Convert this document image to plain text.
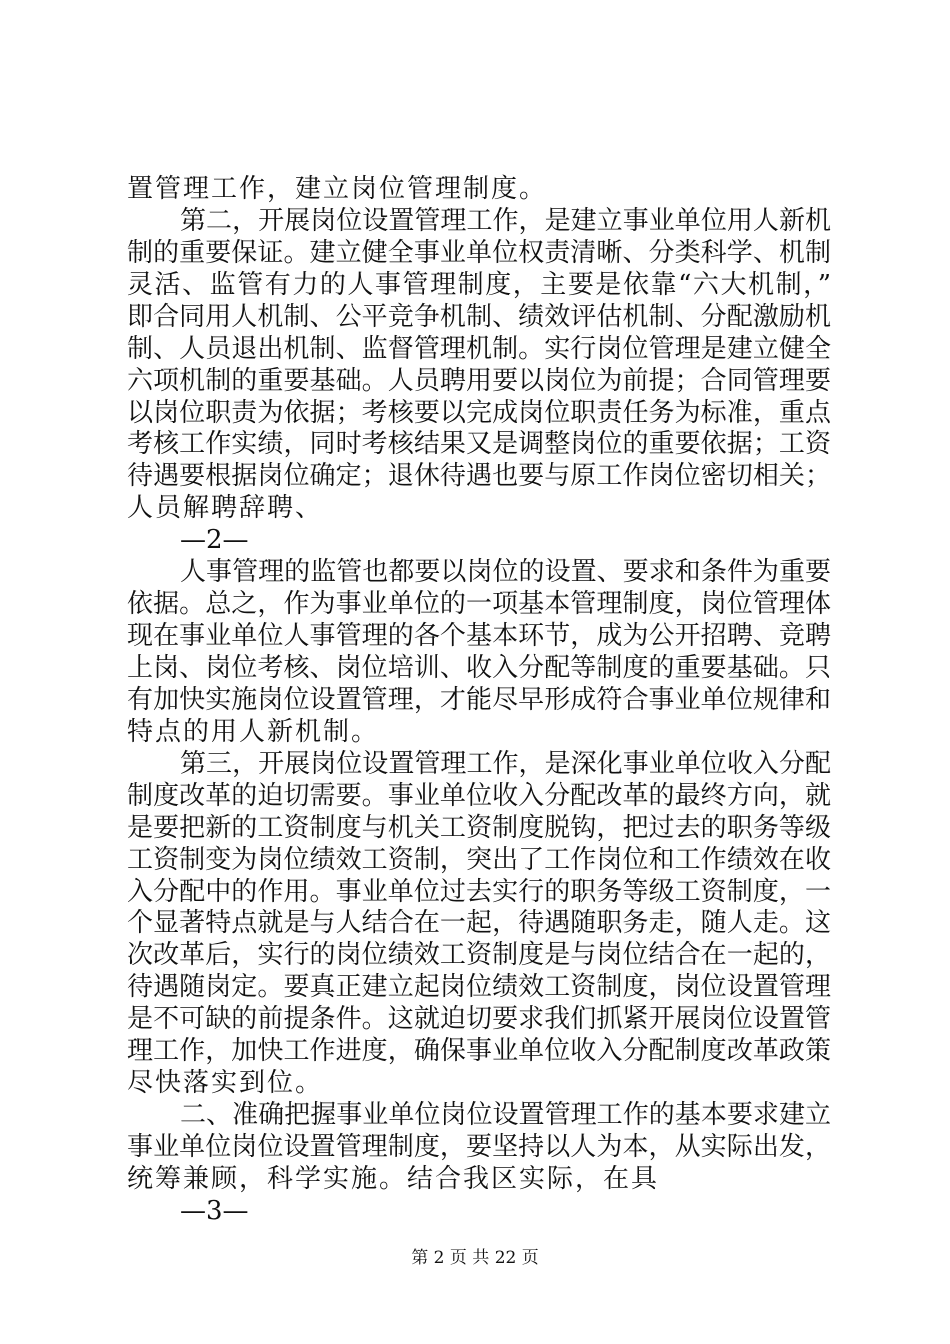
置管理工作，建立岗位管理制度。
第二，开展岗位设置管理工作，是建立事业单位用人新机
制的重要保证。建立健全事业单位权责清晰、分类科学、机制
灵活、监管有力的人事管理制度，主要是依靠“六大机制，”
即合同用人机制、公平竞争机制、绩效评估机制、分配激励机
制、人员退出机制、监督管理机制。实行岗位管理是建立健全
六项机制的重要基础。人员聘用要以岗位为前提；合同管理要
以岗位职责为依据；考核要以完成岗位职责任务为标准，重点
考核工作实绩，同时考核结果又是调整岗位的重要依据；工资
待遇要根据岗位确定；退休待遇也要与原工作岗位密切相关；
人员解聘辞聘、
—2—
人事管理的监管也都要以岗位的设置、要求和条件为重要
依据。总之，作为事业单位的一项基本管理制度，岗位管理体
现在事业单位人事管理的各个基本环节，成为公开招聘、竞聘
上岗、岗位考核、岗位培训、收入分配等制度的重要基础。只
有加快实施岗位设置管理，才能尽早形成符合事业单位规律和
特点的用人新机制。
第三，开展岗位设置管理工作，是深化事业单位收入分配
制度改革的迫切需要。事业单位收入分配改革的最终方向，就
是要把新的工资制度与机关工资制度脱钩，把过去的职务等级
工资制变为岗位绩效工资制，突出了工作岗位和工作绩效在收
入分配中的作用。事业单位过去实行的职务等级工资制度，一
个显著特点就是与人结合在一起，待遇随职务走，随人走。这
次改革后，实行的岗位绩效工资制度是与岗位结合在一起的，
待遇随岗定。要真正建立起岗位绩效工资制度，岗位设置管理
是不可缺的前提条件。这就迫切要求我们抓紧开展岗位设置管
理工作，加快工作进度，确保事业单位收入分配制度改革政策
尽快落实到位。
二、准确把握事业单位岗位设置管理工作的基本要求建立
事业单位岗位设置管理制度，要坚持以人为本，从实际出发，
统筹兼顾，科学实施。结合我区实际，在具
—3—
第 2 页 共 22 页
